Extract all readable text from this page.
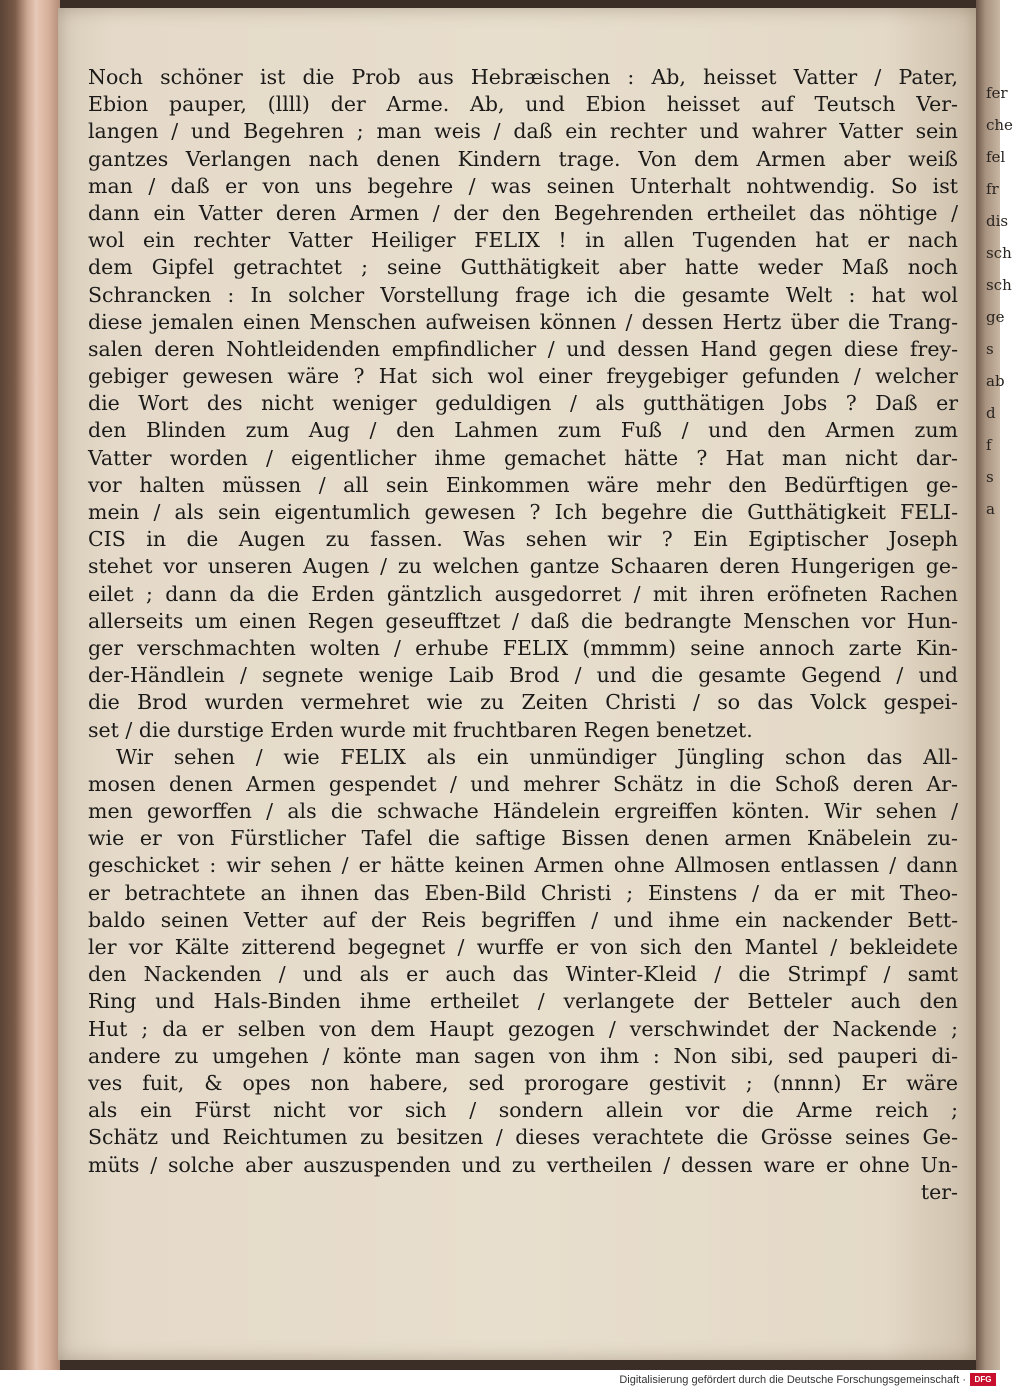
Noch schöner ist die Prob aus Hebræischen : Ab, heisset Vatter / Pater,
Ebion pauper, (llll) der Arme. Ab, und Ebion heisset auf Teutsch Ver-
langen / und Begehren ; man weis / daß ein rechter und wahrer Vatter sein
gantzes Verlangen nach denen Kindern trage. Von dem Armen aber weiß
man / daß er von uns begehre / was seinen Unterhalt nohtwendig. So ist
dann ein Vatter deren Armen / der den Begehrenden ertheilet das nöhtige /
wol ein rechter Vatter Heiliger FELIX ! in allen Tugenden hat er nach
dem Gipfel getrachtet ; seine Gutthätigkeit aber hatte weder Maß noch
Schrancken : In solcher Vorstellung frage ich die gesamte Welt : hat wol
diese jemalen einen Menschen aufweisen können / dessen Hertz über die Trang-
salen deren Nohtleidenden empfindlicher / und dessen Hand gegen diese frey-
gebiger gewesen wäre ? Hat sich wol einer freygebiger gefunden / welcher
die Wort des nicht weniger geduldigen / als gutthätigen Jobs ? Daß er
den Blinden zum Aug / den Lahmen zum Fuß / und den Armen zum
Vatter worden / eigentlicher ihme gemachet hätte ? Hat man nicht dar-
vor halten müssen / all sein Einkommen wäre mehr den Bedürftigen ge-
mein / als sein eigentumlich gewesen ? Ich begehre die Gutthätigkeit FELI-
CIS in die Augen zu fassen. Was sehen wir ? Ein Egiptischer Joseph
stehet vor unseren Augen / zu welchen gantze Schaaren deren Hungerigen ge-
eilet ; dann da die Erden gäntzlich ausgedorret / mit ihren eröfneten Rachen
allerseits um einen Regen geseufftzet / daß die bedrangte Menschen vor Hun-
ger verschmachten wolten / erhube FELIX (mmmm) seine annoch zarte Kin-
der-Händlein / segnete wenige Laib Brod / und die gesamte Gegend / und
die Brod wurden vermehret wie zu Zeiten Christi / so das Volck gespei-
set / die durstige Erden wurde mit fruchtbaren Regen benetzet.
Wir sehen / wie FELIX als ein unmündiger Jüngling schon das All-
mosen denen Armen gespendet / und mehrer Schätz in die Schoß deren Ar-
men geworffen / als die schwache Händelein ergreiffen könten. Wir sehen /
wie er von Fürstlicher Tafel die saftige Bissen denen armen Knäbelein zu-
geschicket : wir sehen / er hätte keinen Armen ohne Allmosen entlassen / dann
er betrachtete an ihnen das Eben-Bild Christi ; Einstens / da er mit Theo-
baldo seinen Vetter auf der Reis begriffen / und ihme ein nackender Bett-
ler vor Kälte zitterend begegnet / wurffe er von sich den Mantel / bekleidete
den Nackenden / und als er auch das Winter-Kleid / die Strimpf / samt
Ring und Hals-Binden ihme ertheilet / verlangete der Betteler auch den
Hut ; da er selben von dem Haupt gezogen / verschwindet der Nackende ;
andere zu umgehen / könte man sagen von ihm : Non sibi, sed pauperi di-
ves fuit, & opes non habere, sed prorogare gestivit ; (nnnn) Er wäre
als ein Fürst nicht vor sich / sondern allein vor die Arme reich ;
Schätz und Reichtumen zu besitzen / dieses verachtete die Grösse seines Ge-
müts / solche aber auszuspenden und zu vertheilen / dessen ware er ohne Un-
ter-
fer
che
fel
fr
dis
sch
sch
ge
s
ab
d
f
s
a
Digitalisierung gefördert durch die Deutsche Forschungsgemeinschaft ·	DFG
